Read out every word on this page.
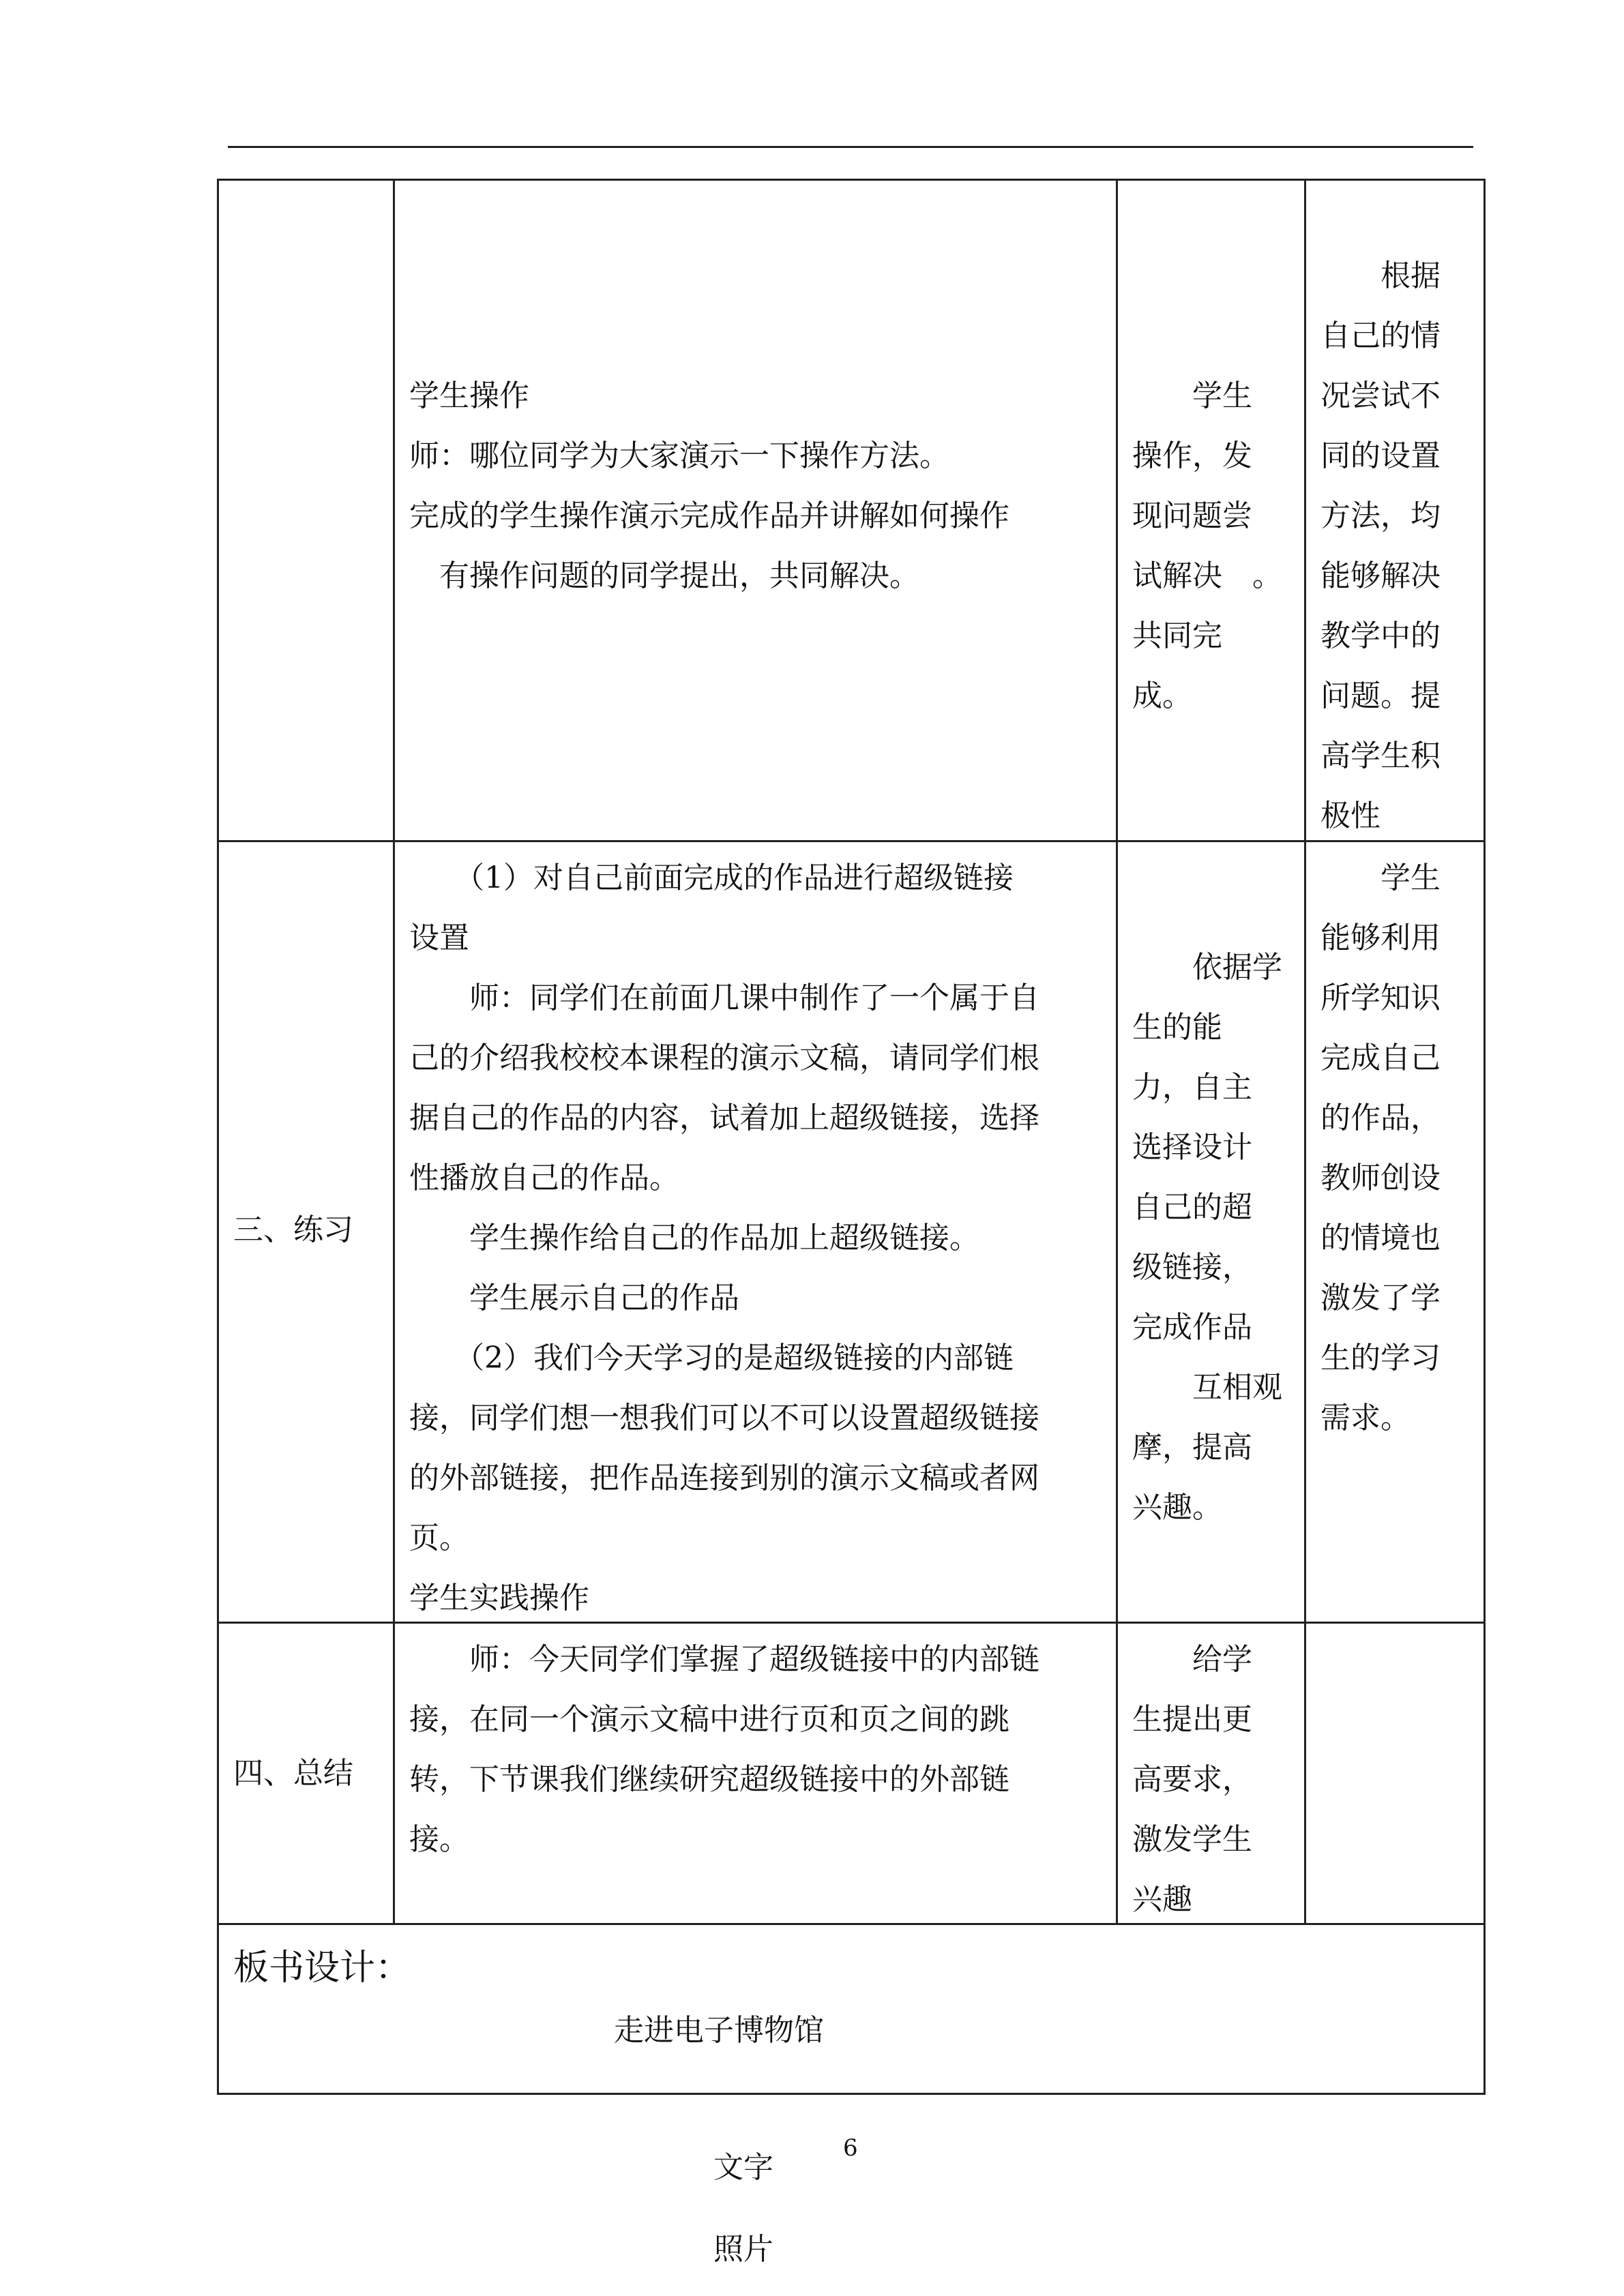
学生操作
师：哪位同学为大家演示一下操作方法。
完成的学生操作演示完成作品并讲解如何操作
　有操作问题的同学提出，共同解决。
　　学生
操作，发
现问题尝
试解决　。
共同完
成。
　　根据
自己的情
况尝试不
同的设置
方法，均
能够解决
教学中的
问题。提
高学生积
极性
三、练习
　　（1）对自己前面完成的作品进行超级链接
设置
　　师：同学们在前面几课中制作了一个属于自
己的介绍我校校本课程的演示文稿，请同学们根
据自己的作品的内容，试着加上超级链接，选择
性播放自己的作品。
　　学生操作给自己的作品加上超级链接。
　　学生展示自己的作品
　　（2）我们今天学习的是超级链接的内部链
接，同学们想一想我们可以不可以设置超级链接
的外部链接，把作品连接到别的演示文稿或者网
页。
学生实践操作
　　依据学
生的能
力，自主
选择设计
自己的超
级链接，
完成作品
　　互相观
摩，提高
兴趣。
　　学生
能够利用
所学知识
完成自己
的作品，
教师创设
的情境也
激发了学
生的学习
需求。
四、总结
　　师：今天同学们掌握了超级链接中的内部链
接，在同一个演示文稿中进行页和页之间的跳
转，下节课我们继续研究超级链接中的外部链
接。
　　给学
生提出更
高要求，
激发学生
兴趣
板书设计：
走进电子博物馆
文字
6
照片
